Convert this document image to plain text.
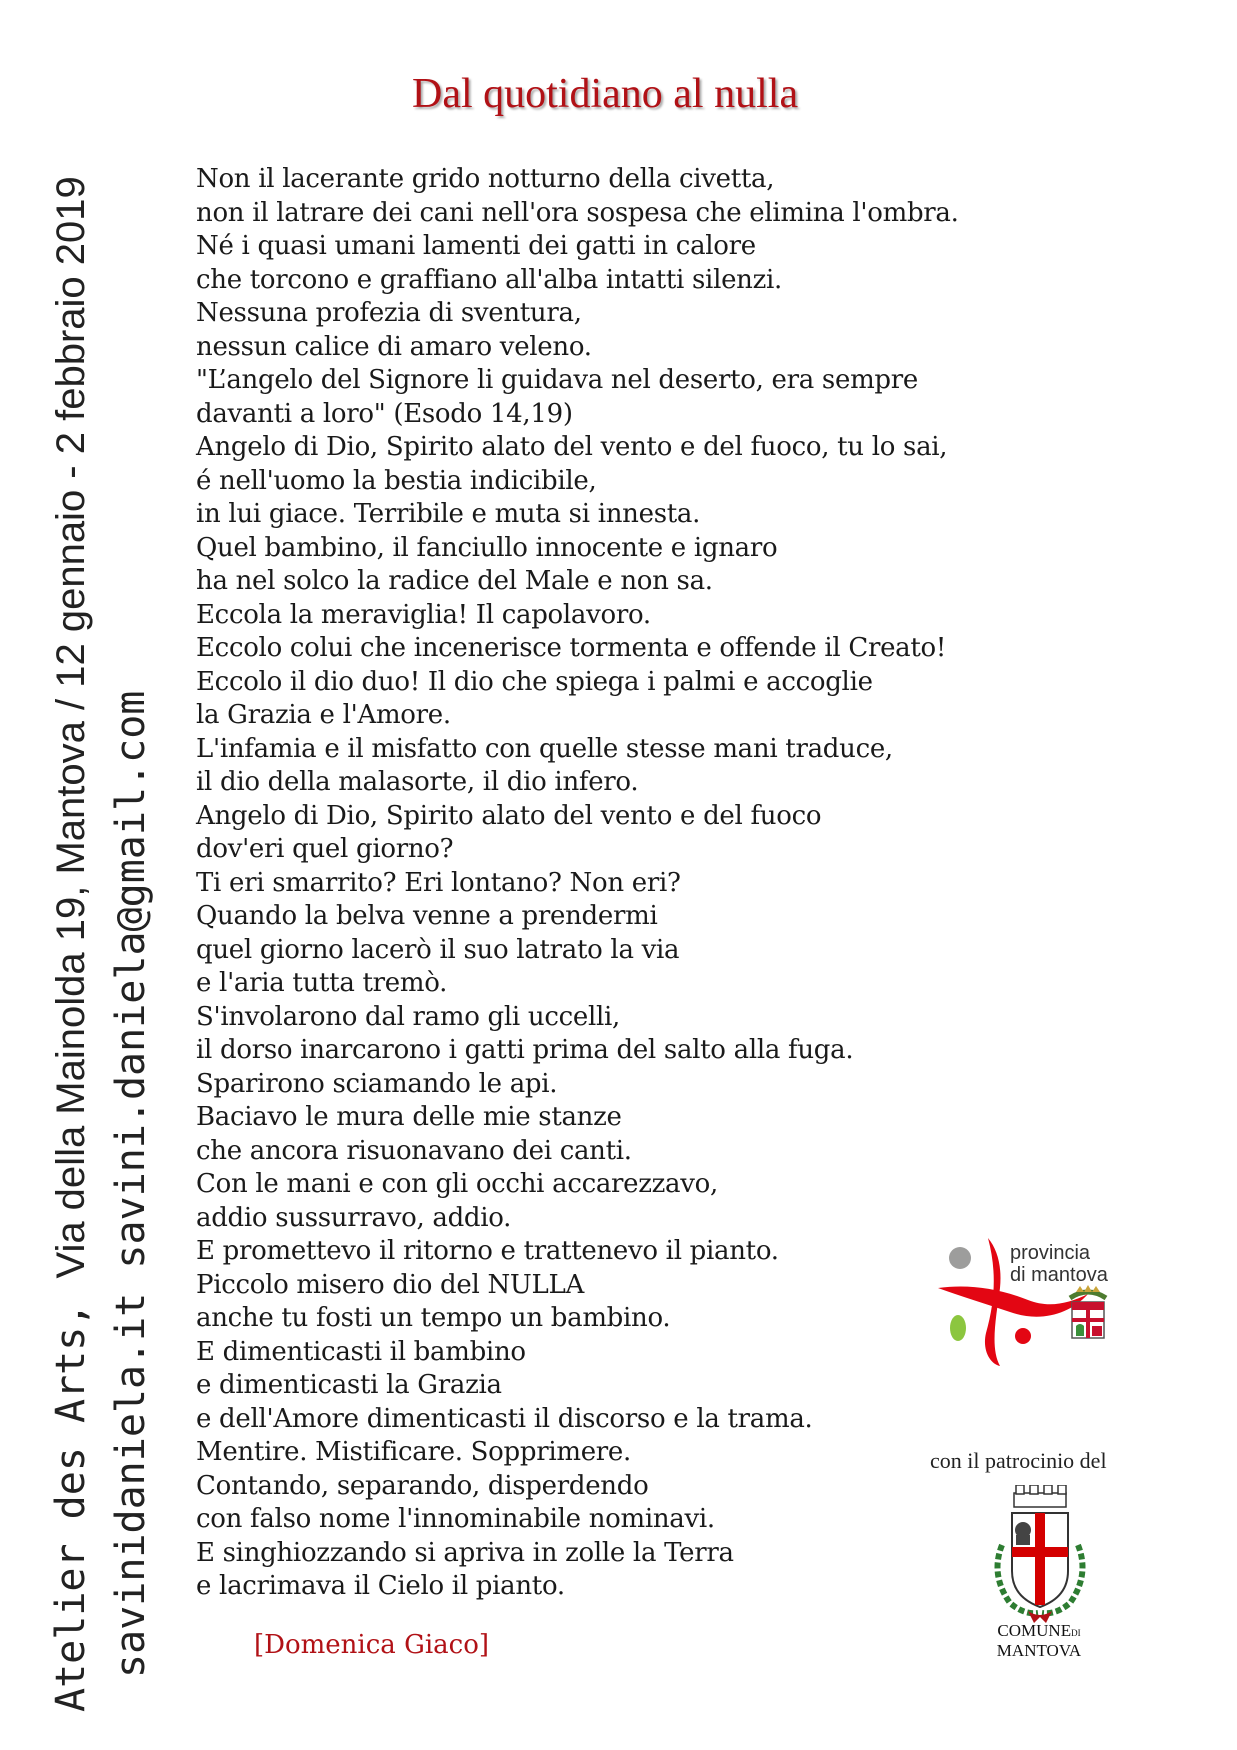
Atelier des Arts, Via della Mainolda 19, Mantova / 12 gennaio - 2 febbraio 2019 savinidaniela.it savini.daniela@gmail.com
Dal quotidiano al nulla
Non il lacerante grido notturno della civetta,
non il latrare dei cani nell'ora sospesa che elimina l'ombra.
Né i quasi umani lamenti dei gatti in calore
che torcono e graffiano all'alba intatti silenzi.
Nessuna profezia di sventura,
nessun calice di amaro veleno.
"L’angelo del Signore li guidava nel deserto, era sempre
davanti a loro" (Esodo 14,19)
Angelo di Dio, Spirito alato del vento e del fuoco, tu lo sai,
é nell'uomo la bestia indicibile,
in lui giace. Terribile e muta si innesta.
Quel bambino, il fanciullo innocente e ignaro
ha nel solco la radice del Male e non sa.
Eccola la meraviglia! Il capolavoro.
Eccolo colui che incenerisce tormenta e offende il Creato!
Eccolo il dio duo! Il dio che spiega i palmi e accoglie
la Grazia e l'Amore.
L'infamia e il misfatto con quelle stesse mani traduce,
il dio della malasorte, il dio infero.
Angelo di Dio, Spirito alato del vento e del fuoco
dov'eri quel giorno?
Ti eri smarrito? Eri lontano? Non eri?
Quando la belva venne a prendermi
quel giorno lacerò il suo latrato la via
e l'aria tutta tremò.
S'involarono dal ramo gli uccelli,
il dorso inarcarono i gatti prima del salto alla fuga.
Sparirono sciamando le api.
Baciavo le mura delle mie stanze
che ancora risuonavano dei canti.
Con le mani e con gli occhi accarezzavo,
addio sussurravo, addio.
E promettevo il ritorno e trattenevo il pianto.
Piccolo misero dio del NULLA
anche tu fosti un tempo un bambino.
E dimenticasti il bambino
e dimenticasti la Grazia
e dell'Amore dimenticasti il discorso e la trama.
Mentire. Mistificare. Sopprimere.
Contando, separando, disperdendo
con falso nome l'innominabile nominavi.
E singhiozzando si apriva in zolle la Terra
e lacrimava il Cielo il pianto.
[Domenica Giaco]
provincia
di mantova
con il patrocinio del
COMUNEDI
MANTOVA
